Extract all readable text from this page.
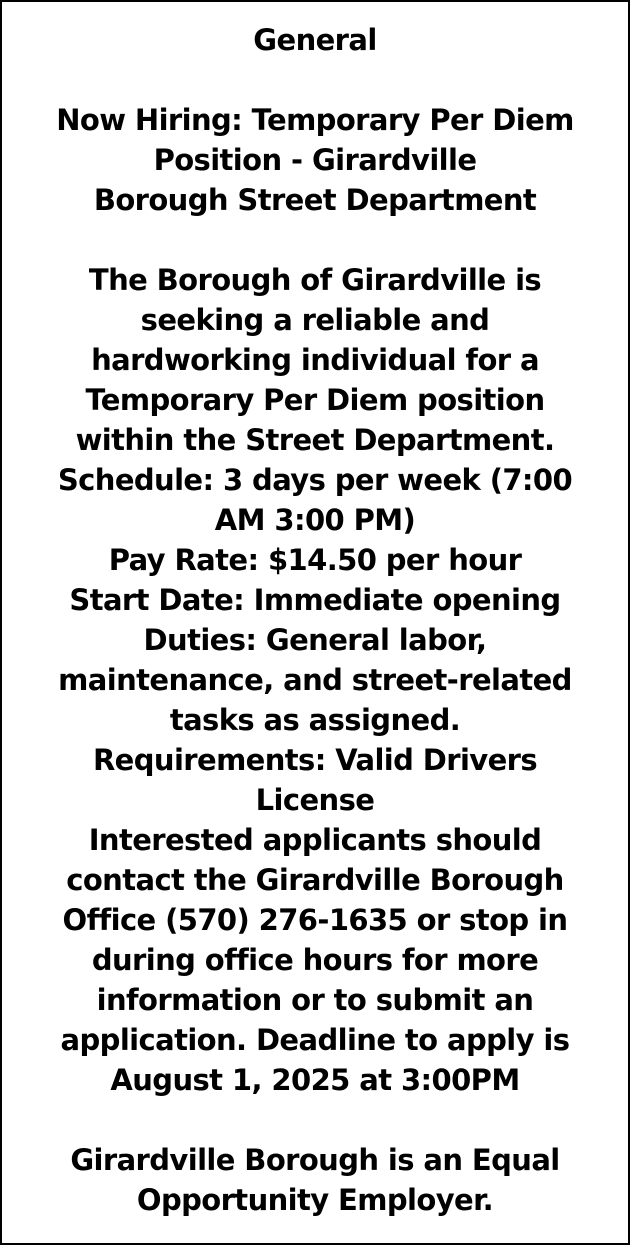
General
Now Hiring: Temporary Per Diem
Position - Girardville
Borough Street Department
The Borough of Girardville is
seeking a reliable and
hardworking individual for a
Temporary Per Diem position
within the Street Department.
Schedule: 3 days per week (7:00
AM 3:00 PM)
Pay Rate: $14.50 per hour
Start Date: Immediate opening
Duties: General labor,
maintenance, and street-related
tasks as assigned.
Requirements: Valid Drivers
License
Interested applicants should
contact the Girardville Borough
Office (570) 276-1635 or stop in
during office hours for more
information or to submit an
application. Deadline to apply is
August 1, 2025 at 3:00PM
Girardville Borough is an Equal
Opportunity Employer.
